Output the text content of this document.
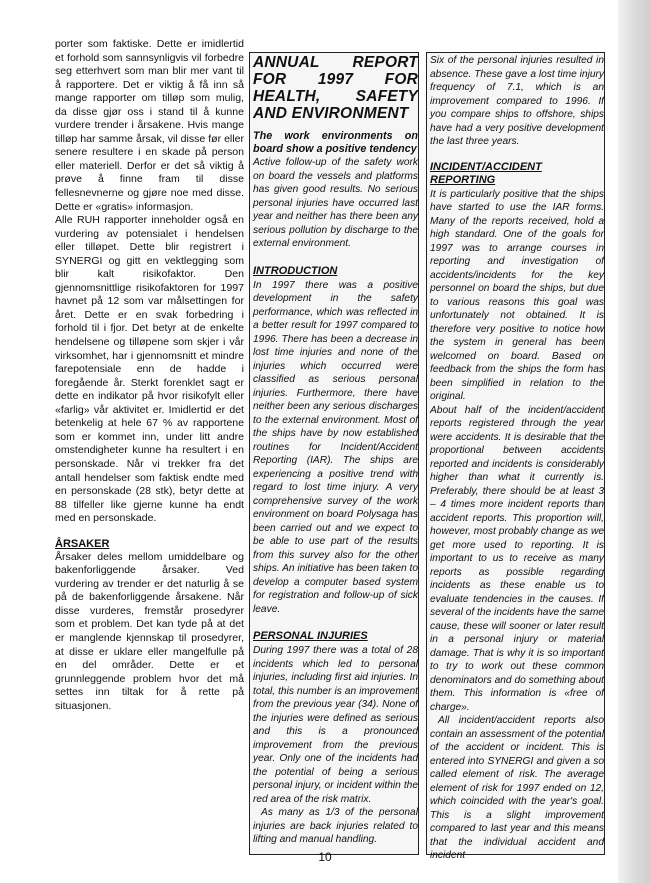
porter som faktiske. Dette er imidlertid et forhold som sannsynligvis vil forbedre seg etterhvert som man blir mer vant til å rapportere. Det er viktig å få inn så mange rapporter om tilløp som mulig, da disse gjør oss i stand til å kunne vurdere trender i årsakene. Hvis mange tilløp har samme årsak, vil disse før eller senere resultere i en skade på person eller materiell. Derfor er det så viktig å prøve å finne fram til disse fellesnevnerne og gjøre noe med disse. Dette er «gratis» informasjon.

Alle RUH rapporter inneholder også en vurdering av potensialet i hendelsen eller tilløpet. Dette blir registrert i SYNERGI og gitt en vektlegging som blir kalt risikofaktor. Den gjennomsnittlige risikofaktoren for 1997 havnet på 12 som var målsettingen for året. Dette er en svak forbedring i forhold til i fjor. Det betyr at de enkelte hendelsene og tilløpene som skjer i vår virksomhet, har i gjennomsnitt et mindre farepotensiale enn de hadde i foregående år. Sterkt forenklet sagt er dette en indikator på hvor risikofylt eller «farlig» vår aktivitet er. Imidlertid er det betenkelig at hele 67 % av rapportene som er kommet inn, under litt andre omstendigheter kunne ha resultert i en personskade. Når vi trekker fra det antall hendelser som faktisk endte med en personskade (28 stk), betyr dette at 88 tilfeller like gjerne kunne ha endt med en personskade.

ÅRSAKER

Årsaker deles mellom umiddelbare og bakenforliggende årsaker. Ved vurdering av trender er det naturlig å se på de bakenforliggende årsakene. Når disse vurderes, fremstår prosedyrer som et problem. Det kan tyde på at det er manglende kjennskap til prosedyrer, at disse er uklare eller mangelfulle på en del områder. Dette er et grunnleggende problem hvor det må settes inn tiltak for å rette på situasjonen.

ANNUAL REPORT FOR 1997 FOR HEALTH, SAFETY AND ENVIRONMENT
The work environments on board show a positive tendency

Active follow-up of the safety work on board the vessels and platforms has given good results. No serious personal injuries have occurred last year and neither has there been any serious pollution by discharge to the external environment.

INTRODUCTION

In 1997 there was a positive development in the safety performance, which was reflected in a better result for 1997 compared to 1996. There has been a decrease in lost time injuries and none of the injuries which occurred were classified as serious personal injuries. Furthermore, there have neither been any serious discharges to the external environment. Most of the ships have by now established routines for Incident/Accident Reporting (IAR). The ships are experiencing a positive trend with regard to lost time injury. A very comprehensive survey of the work environment on board Polysaga has been carried out and we expect to be able to use part of the results from this survey also for the other ships. An initiative has been taken to develop a computer based system for registration and follow-up of sick leave.

PERSONAL INJURIES

During 1997 there was a total of 28 incidents which led to personal injuries, including first aid injuries. In total, this number is an improvement from the previous year (34). None of the injuries were defined as serious and this is a pronounced improvement from the previous year. Only one of the incidents had the potential of being a serious personal injury, or incident within the red area of the risk matrix.

As many as 1/3 of the personal injuries are back injuries related to lifting and manual handling.

Six of the personal injuries resulted in absence. These gave a lost time injury frequency of 7.1, which is an improvement compared to 1996. If you compare ships to offshore, ships have had a very positive development the last three years.

INCIDENT/ACCIDENT REPORTING

It is particularly positive that the ships have started to use the IAR forms. Many of the reports received, hold a high standard. One of the goals for 1997 was to arrange courses in reporting and investigation of accidents/incidents for the key personnel on board the ships, but due to various reasons this goal was unfortunately not obtained. It is therefore very positive to notice how the system in general has been welcomed on board. Based on feedback from the ships the form has been simplified in relation to the original.

About half of the incident/accident reports registered through the year were accidents. It is desirable that the proportional between accidents reported and incidents is considerably higher than what it currently is. Preferably, there should be at least 3 – 4 times more incident reports than accident reports. This proportion will, however, most probably change as we get more used to reporting. It is important to us to receive as many reports as possible regarding incidents as these enable us to evaluate tendencies in the causes. If several of the incidents have the same cause, these will sooner or later result in a personal injury or material damage. That is why it is so important to try to work out these common denominators and do something about them. This information is «free of charge».

All incident/accident reports also contain an assessment of the potential of the accident or incident. This is entered into SYNERGI and given a so called element of risk. The average element of risk for 1997 ended on 12, which coincided with the year's goal. This is a slight improvement compared to last year and this means that the individual accident and incident

10
